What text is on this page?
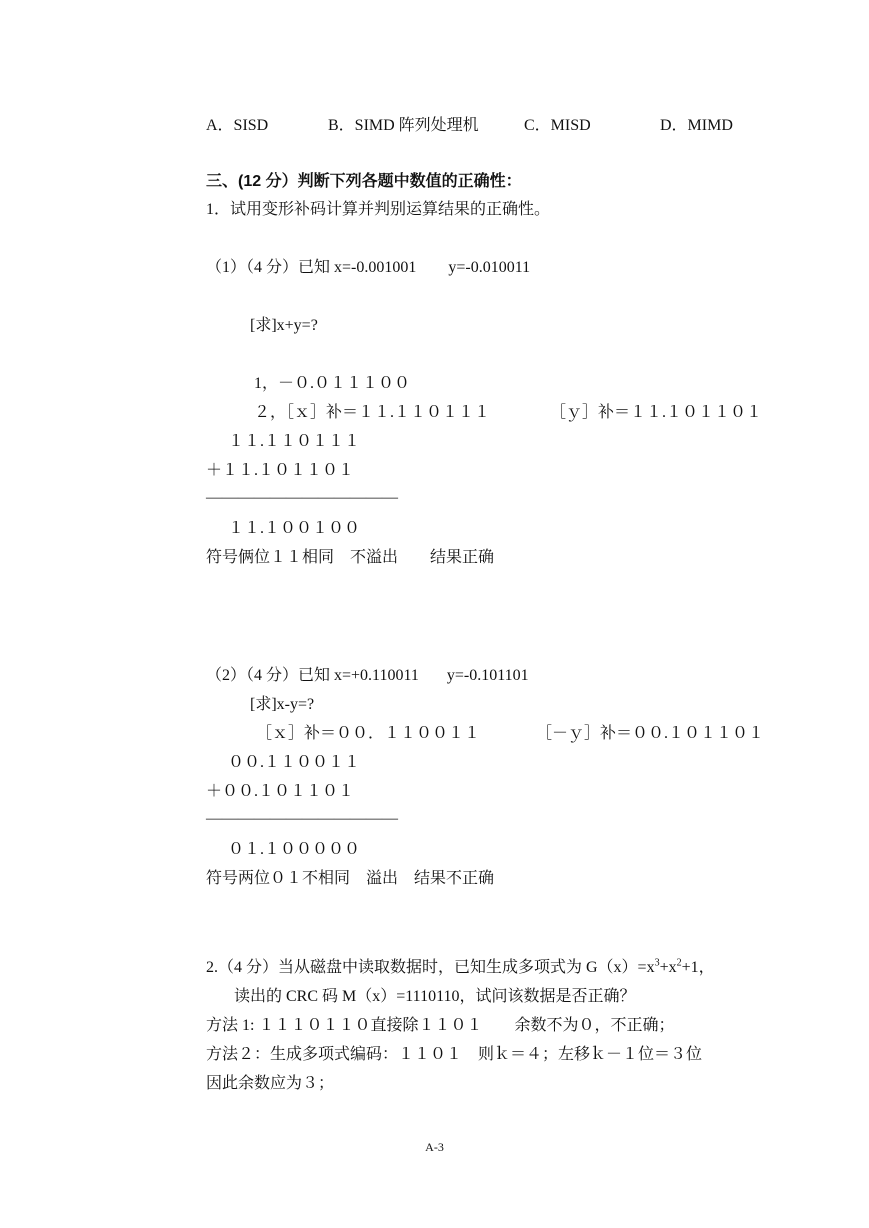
A．SISD	B．SIMD 阵列处理机	C．MISD	D．MIMD
三、(12 分）判断下列各题中数值的正确性：
1．试用变形补码计算并判别运算结果的正确性。
（1）（4 分）已知 x=-0.001001        y=-0.010011
[求]x+y=?
1，－０.０１１１００
２，［ｘ］补＝１１.１１０１１１	［ｙ］补＝１１.１０１１０１
１１.１１０１１１
＋１１.１０１１０１
————————————
１１.１００１００
符号俩位１１相同　不溢出　　结果正确
（2）（4 分）已知 x=+0.110011       y=-0.101101
[求]x-y=?
［ｘ］补＝００．１１００１１	［－ｙ］补＝００.１０１１０１
００.１１００１１
＋００.１０１１０１
————————————
０１.１０００００
符号两位０１不相同　溢出　结果不正确
2.（4 分）当从磁盘中读取数据时，已知生成多项式为 $G(x)=x^3+x^2+1$，
读出的 CRC 码 M（x）=1110110，试问该数据是否正确？
方法 1: １１１０１１０直接除１１０１　　余数不为０，不正确；
方法２：生成多项式编码：１１０１　则ｋ＝４；左移ｋ－１位＝３位
因此余数应为３；
A-3
